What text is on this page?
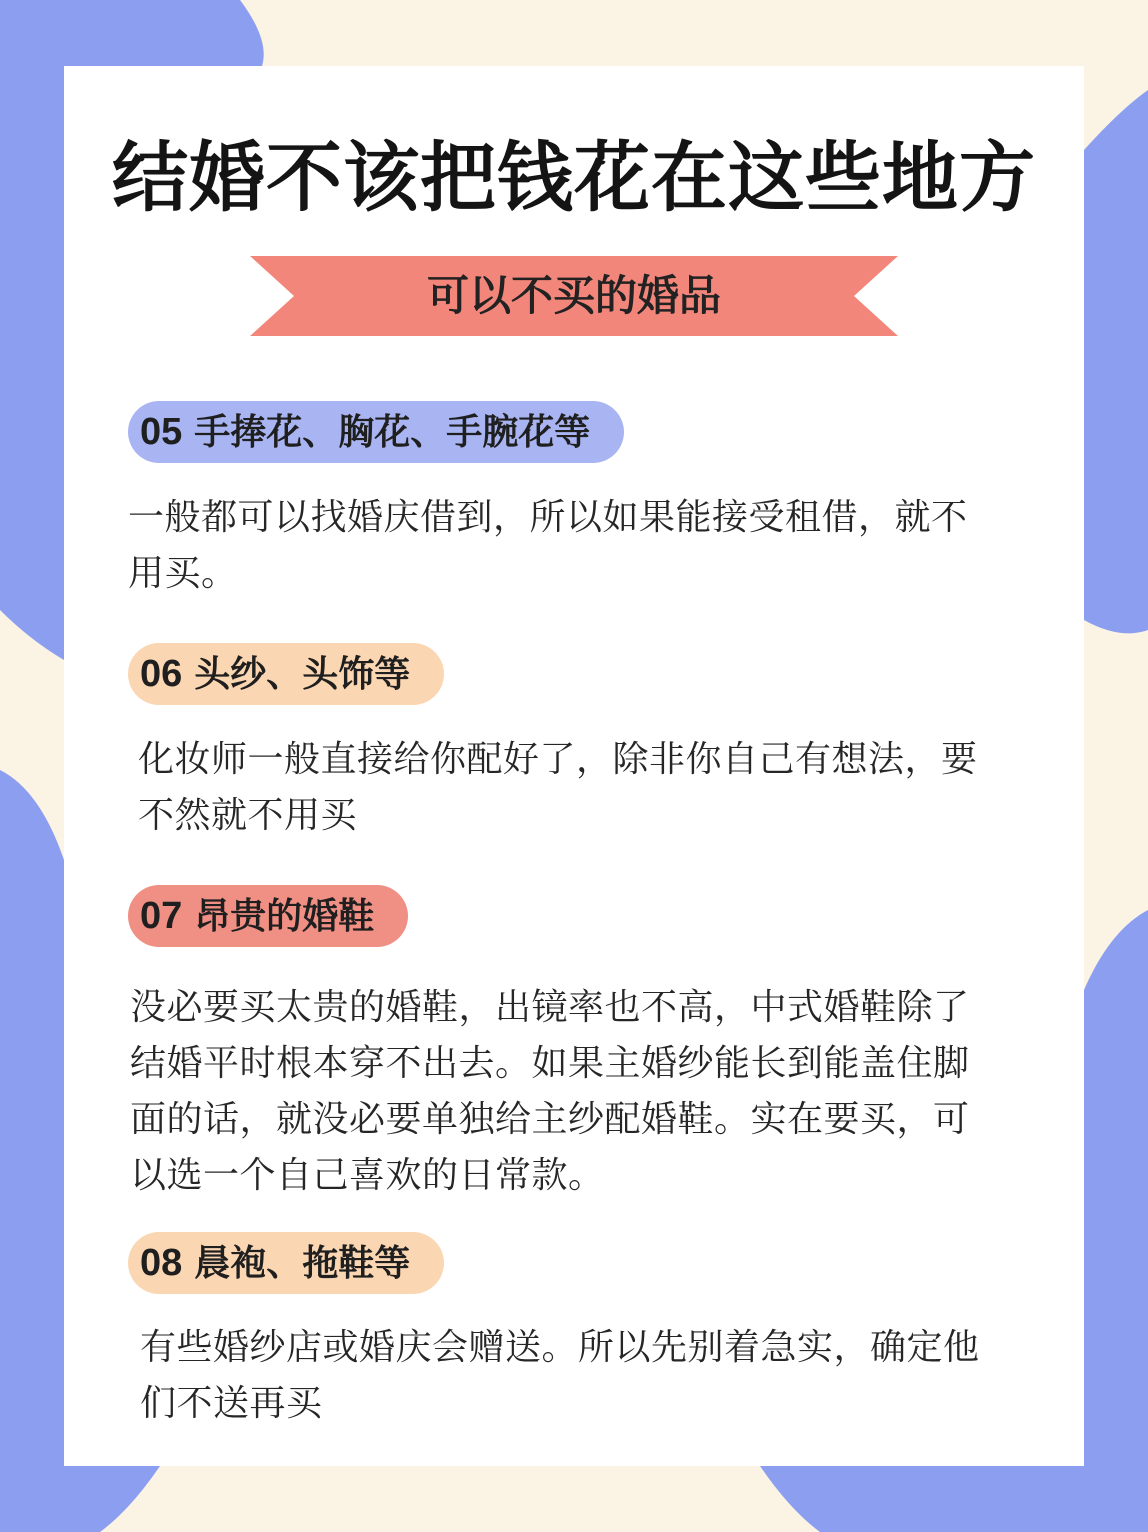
结婚不该把钱花在这些地方
可以不买的婚品
05 手捧花、胸花、手腕花等
一般都可以找婚庆借到，所以如果能接受租借，就不
用买。
06 头纱、头饰等
化妆师一般直接给你配好了，除非你自己有想法，要
不然就不用买
07 昂贵的婚鞋
没必要买太贵的婚鞋，出镜率也不高，中式婚鞋除了
结婚平时根本穿不出去。如果主婚纱能长到能盖住脚
面的话，就没必要单独给主纱配婚鞋。实在要买，可
以选一个自己喜欢的日常款。
08 晨袍、拖鞋等
有些婚纱店或婚庆会赠送。所以先别着急实，确定他
们不送再买
